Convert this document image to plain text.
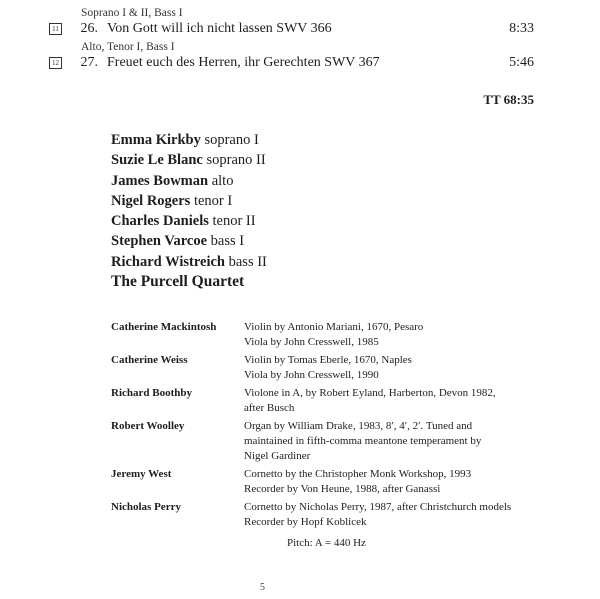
Soprano I & II, Bass I
11	26. Von Gott will ich nicht lassen SWV 366	8:33
Alto, Tenor I, Bass I
12	27. Freuet euch des Herren, ihr Gerechten SWV 367	5:46
TT 68:35
Emma Kirkby soprano I
Suzie Le Blanc soprano II
James Bowman alto
Nigel Rogers tenor I
Charles Daniels tenor II
Stephen Varcoe bass I
Richard Wistreich bass II
The Purcell Quartet
Catherine Mackintosh	Violin by Antonio Mariani, 1670, Pesaro
Viola by John Cresswell, 1985
Catherine Weiss	Violin by Tomas Eberle, 1670, Naples
Viola by John Cresswell, 1990
Richard Boothby	Violone in A, by Robert Eyland, Harberton, Devon 1982,
after Busch
Robert Woolley	Organ by William Drake, 1983, 8′, 4′, 2′. Tuned and
maintained in fifth-comma meantone temperament by
Nigel Gardiner
Jeremy West	Cornetto by the Christopher Monk Workshop, 1993
Recorder by Von Heune, 1988, after Ganassi
Nicholas Perry	Cornetto by Nicholas Perry, 1987, after Christchurch models
Recorder by Hopf Koblicek
Pitch: A = 440 Hz
5
